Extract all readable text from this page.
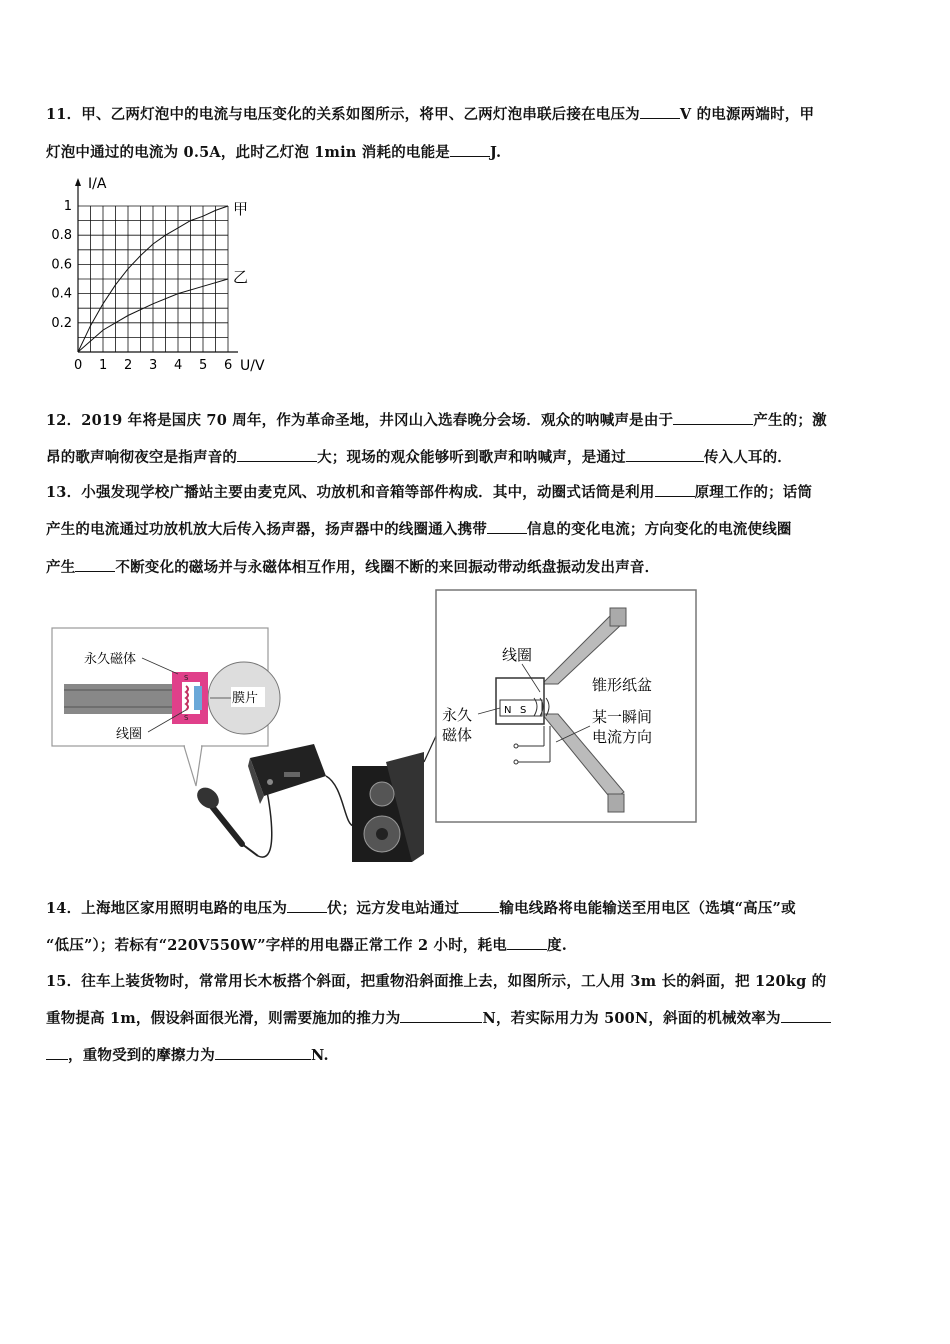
11．甲、乙两灯泡中的电流与电压变化的关系如图所示，将甲、乙两灯泡串联后接在电压为	V 的电源两端时，甲
灯泡中通过的电流为 0.5A，此时乙灯泡 1min 消耗的电能是	J.
0 1 2 3 4 5 6
0.2
0.4
0.6
0.8
1
I/A
U/V
甲
乙
12．2019 年将是国庆 70 周年，作为革命圣地，井冈山入选春晚分会场．观众的呐喊声是由于	产生的；激
昂的歌声响彻夜空是指声音的	大；现场的观众能够听到歌声和呐喊声，是通过	传入人耳的．
13．小强发现学校广播站主要由麦克风、功放机和音箱等部件构成．其中，动圈式话筒是利用	原理工作的；话筒
产生的电流通过功放机放大后传入扬声器，扬声器中的线圈通入携带	信息的变化电流；方向变化的电流使线圈
产生	不断变化的磁场并与永磁体相互作用，线圈不断的来回振动带动纸盘振动发出声音．
S
S
膜片
永久磁体
线圈
N S
线圈
锥形纸盆
永久
磁体
某一瞬间
电流方向
14．上海地区家用照明电路的电压为	伏；远方发电站通过	输电线路将电能输送至用电区（选填“高压”或
“低压”）；若标有“220V550W”字样的用电器正常工作 2 小时，耗电	度.
15．往车上装货物时，常常用长木板搭个斜面，把重物沿斜面推上去，如图所示，工人用 3m 长的斜面，把 120kg 的
重物提高 1m，假设斜面很光滑，则需要施加的推力为	N，若实际用力为 500N，斜面的机械效率为
，重物受到的摩擦力为	N.
